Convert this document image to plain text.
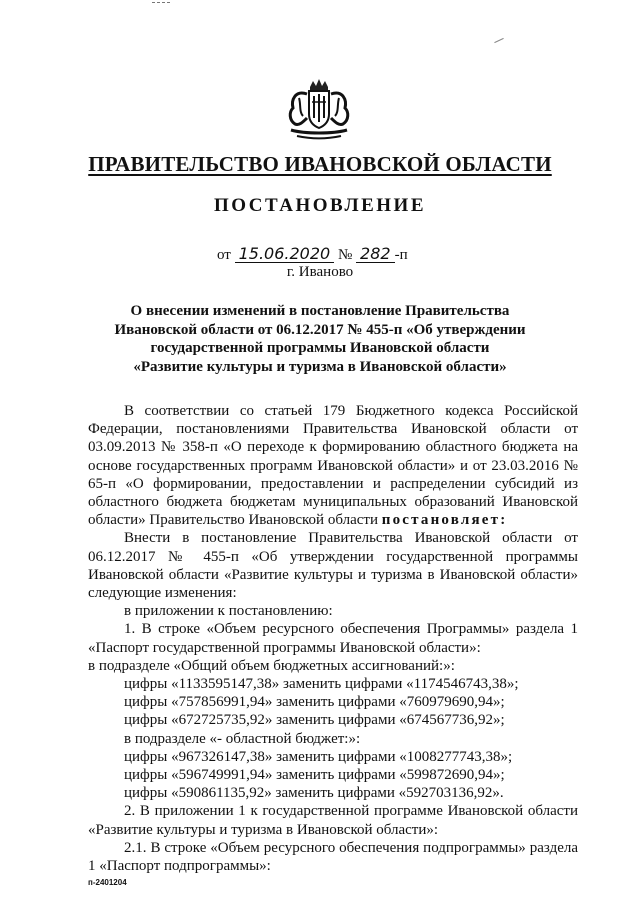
ПРАВИТЕЛЬСТВО ИВАНОВСКОЙ ОБЛАСТИ
ПОСТАНОВЛЕНИЕ
от 15.06.2020 № 282 -п
г. Иваново
О внесении изменений в постановление Правительства
Ивановской области от 06.12.2017 № 455-п «Об утверждении
государственной программы Ивановской области
«Развитие культуры и туризма в Ивановской области»

В соответствии со статьей 179 Бюджетного кодекса Российской Федерации, постановлениями Правительства Ивановской области от 03.09.2013 № 358-п «О переходе к формированию областного бюджета на основе государственных программ Ивановской области» и от 23.03.2016 № 65-п «О формировании, предоставлении и распределении субсидий из областного бюджета бюджетам муниципальных образований Ивановской области» Правительство Ивановской области постановляет:

Внести в постановление Правительства Ивановской области от 06.12.2017 № 455-п «Об утверждении государственной программы Ивановской области «Развитие культуры и туризма в Ивановской области» следующие изменения:

в приложении к постановлению:

1. В строке «Объем ресурсного обеспечения Программы» раздела 1 «Паспорт государственной программы Ивановской области»:

в подразделе «Общий объем бюджетных ассигнований:»:

цифры «1133595147,38» заменить цифрами «1174546743,38»;

цифры «757856991,94» заменить цифрами «760979690,94»;

цифры «672725735,92» заменить цифрами «674567736,92»;

в подразделе «- областной бюджет:»:

цифры «967326147,38» заменить цифрами «1008277743,38»;

цифры «596749991,94» заменить цифрами «599872690,94»;

цифры «590861135,92» заменить цифрами «592703136,92».

2. В приложении 1 к государственной программе Ивановской области «Развитие культуры и туризма в Ивановской области»:

2.1. В строке «Объем ресурсного обеспечения подпрограммы» раздела 1 «Паспорт подпрограммы»:

п-2401204
